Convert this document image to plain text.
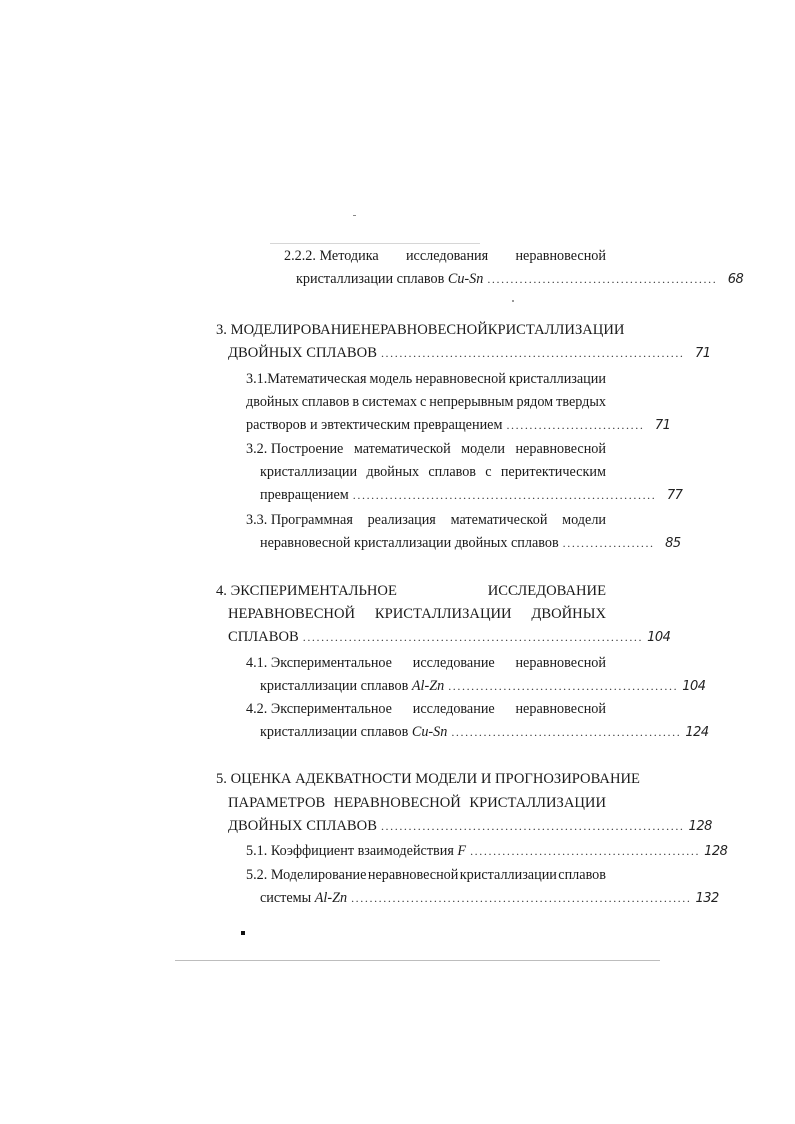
2.2.2. Методика исследования неравновесной
кристаллизации сплавов Cu-Sn .................................................. 68
3. МОДЕЛИРОВАНИЕ НЕРАВНОВЕСНОЙ КРИСТАЛЛИЗАЦИИ
ДВОЙНЫХ СПЛАВОВ .................................................................. 71
3.1.Математическая модель неравновесной кристаллизации
двойных сплавов в системах с непрерывным рядом твердых
растворов и эвтектическим превращением .............................. 71
3.2. Построение математической модели неравновесной
кристаллизации двойных сплавов с перитектическим
превращением .................................................................. 77
3.3. Программная реализация математической модели
неравновесной кристаллизации двойных сплавов .................... 85
4. ЭКСПЕРИМЕНТАЛЬНОЕ	ИССЛЕДОВАНИЕ
НЕРАВНОВЕСНОЙ КРИСТАЛЛИЗАЦИИ ДВОЙНЫХ
СПЛАВОВ .......................................................................... 104
4.1. Экспериментальное исследование неравновесной
кристаллизации сплавов Al-Zn .................................................. 104
4.2. Экспериментальное исследование неравновесной
кристаллизации сплавов Cu-Sn .................................................. 124
5. ОЦЕНКА АДЕКВАТНОСТИ МОДЕЛИ И ПРОГНОЗИРОВАНИЕ
ПАРАМЕТРОВ НЕРАВНОВЕСНОЙ КРИСТАЛЛИЗАЦИИ
ДВОЙНЫХ СПЛАВОВ .................................................................. 128
5.1. Коэффициент взаимодействия F .................................................. 128
5.2. Моделирование неравновесной кристаллизации сплавов
системы Al-Zn .......................................................................... 132
